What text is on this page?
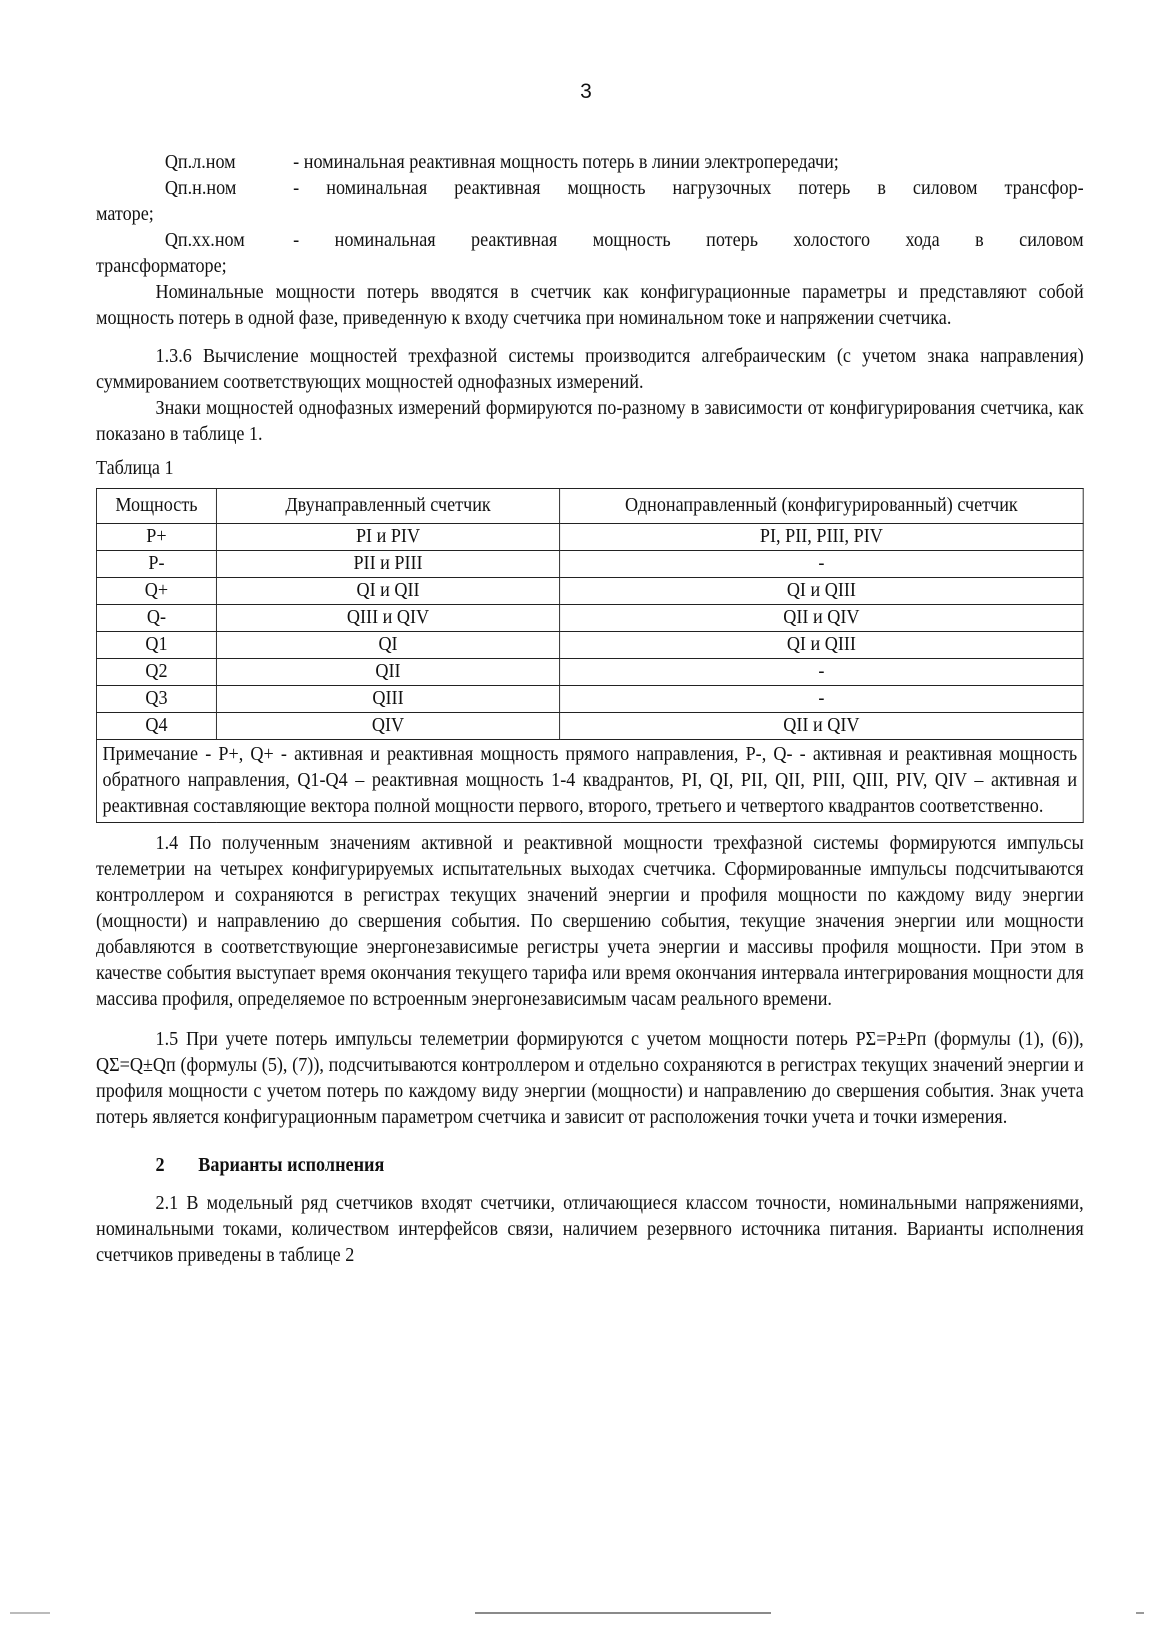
3
Qп.л.ном	- номинальная реактивная мощность потерь в линии электропередачи;
Qп.н.ном	- номинальная реактивная мощность нагрузочных потерь в силовом трансфор-

маторе;

Qп.хх.ном	- номинальная реактивная мощность потерь холостого хода в силовом

трансформаторе;

Номинальные мощности потерь вводятся в счетчик как конфигурационные параметры и представляют собой мощность потерь в одной фазе, приведенную к входу счетчика при номинальном токе и напряжении счетчика.

1.3.6 Вычисление мощностей трехфазной системы производится алгебраическим (с учетом знака направления) суммированием соответствующих мощностей однофазных измерений.

Знаки мощностей однофазных измерений формируются по-разному в зависимости от конфигурирования счетчика, как показано в таблице 1.

Таблица 1

Мощность	Двунаправленный счетчик	Однонаправленный (конфигурированный) счетчик
P+	PI и PIV	PI, PII, PIII, PIV
P-	PII и PIII	-
Q+	QI и QII	QI и QIII
Q-	QIII и QIV	QII и QIV
Q1	QI	QI и QIII
Q2	QII	-
Q3	QIII	-
Q4	QIV	QII и QIV
Примечание - P+, Q+ - активная и реактивная мощность прямого направления, P-, Q- - активная и реактивная мощность обратного направления, Q1-Q4 – реактивная мощность 1-4 квадрантов, PI, QI, PII, QII, PIII, QIII, PIV, QIV – активная и реактивная составляющие вектора полной мощности первого, второго, третьего и четвертого квадрантов соответственно.		

1.4 По полученным значениям активной и реактивной мощности трехфазной системы формируются импульсы телеметрии на четырех конфигурируемых испытательных выходах счетчика. Сформированные импульсы подсчитываются контроллером и сохраняются в регистрах текущих значений энергии и профиля мощности по каждому виду энергии (мощности) и направлению до свершения события. По свершению события, текущие значения энергии или мощности добавляются в соответствующие энергонезависимые регистры учета энергии и массивы профиля мощности. При этом в качестве события выступает время окончания текущего тарифа или время окончания интервала интегрирования мощности для массива профиля, определяемое по встроенным энергонезависимым часам реального времени.

1.5 При учете потерь импульсы телеметрии формируются с учетом мощности потерь PΣ=P±Pп (формулы (1), (6)), QΣ=Q±Qп (формулы (5), (7)), подсчитываются контроллером и отдельно сохраняются в регистрах текущих значений энергии и профиля мощности с учетом потерь по каждому виду энергии (мощности) и направлению до свершения события. Знак учета потерь является конфигурационным параметром счетчика и зависит от расположения точки учета и точки измерения.

2 Варианты исполнения

2.1 В модельный ряд счетчиков входят счетчики, отличающиеся классом точности, номинальными напряжениями, номинальными токами, количеством интерфейсов связи, наличием резервного источника питания. Варианты исполнения счетчиков приведены в таблице 2
